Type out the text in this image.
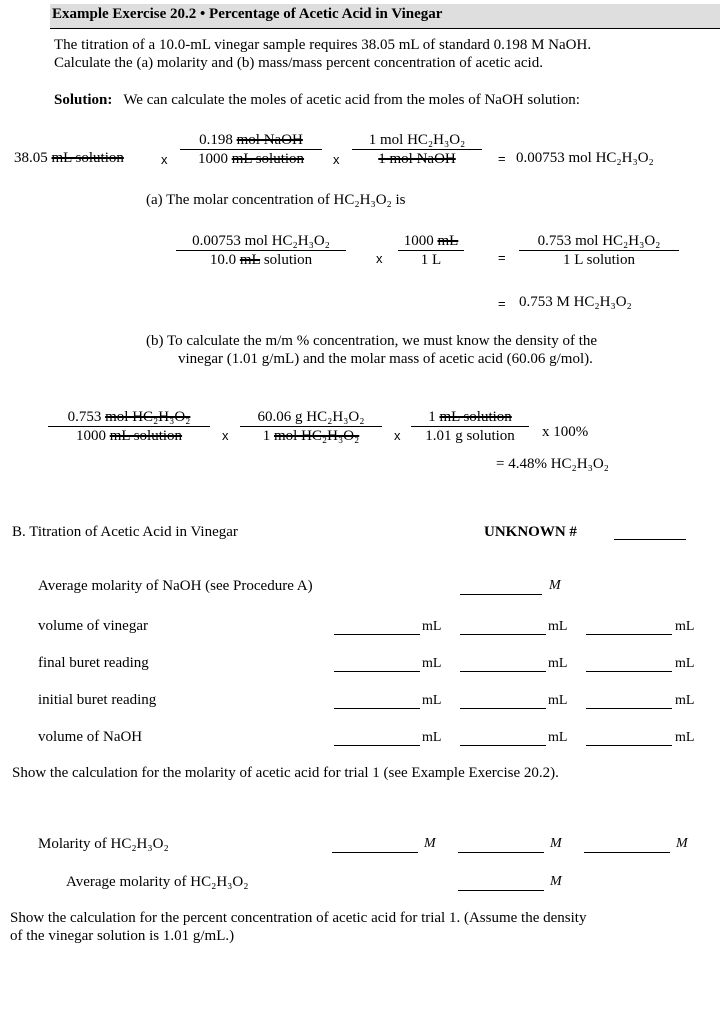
Example Exercise 20.2 • Percentage of Acetic Acid in Vinegar
The titration of a 10.0-mL vinegar sample requires 38.05 mL of standard 0.198 M NaOH.
Calculate the (a) molarity and (b) mass/mass percent concentration of acetic acid.
Solution: We can calculate the moles of acetic acid from the moles of NaOH solution:
38.05 mL solution	x
0.198 mol NaOH
1000 mL solution	x
1 mol HC₂H₃O₂
1 mol NaOH	= 0.00753 mol HC₂H₃O₂
(a) The molar concentration of HC₂H₃O₂ is
0.00753 mol HC₂H₃O₂
10.0 mL solution	x $\frac{1000 mL}{1 L}$	=
0.753 mol HC₂H₃O₂
1 L solution
= 0.753 M HC₂H₃O₂
(b) To calculate the m/m % concentration, we must know the density of the
vinegar (1.01 g/mL) and the molar mass of acetic acid (60.06 g/mol).
0.753 mol HC₂H₃O₂
1000 mL solution	x
60.06 g HC₂H₃O₂
1 mol HC₂H₃O₂	x
1 mL solution
1.01 g solution	x 100%
= 4.48% HC₂H₃O₂
B. Titration of Acetic Acid in Vinegar	UNKNOWN #
Average molarity of NaOH (see Procedure A)	M
volume of vinegar	mL	mL	mL
final buret reading	mL	mL	mL
initial buret reading	mL	mL	mL
volume of NaOH	mL	mL	mL
Show the calculation for the molarity of acetic acid for trial 1 (see Example Exercise 20.2).
Molarity of HC₂H₃O₂	M	M	M
Average molarity of HC₂H₃O₂	M
Show the calculation for the percent concentration of acetic acid for trial 1. (Assume the density
of the vinegar solution is 1.01 g/mL.)
